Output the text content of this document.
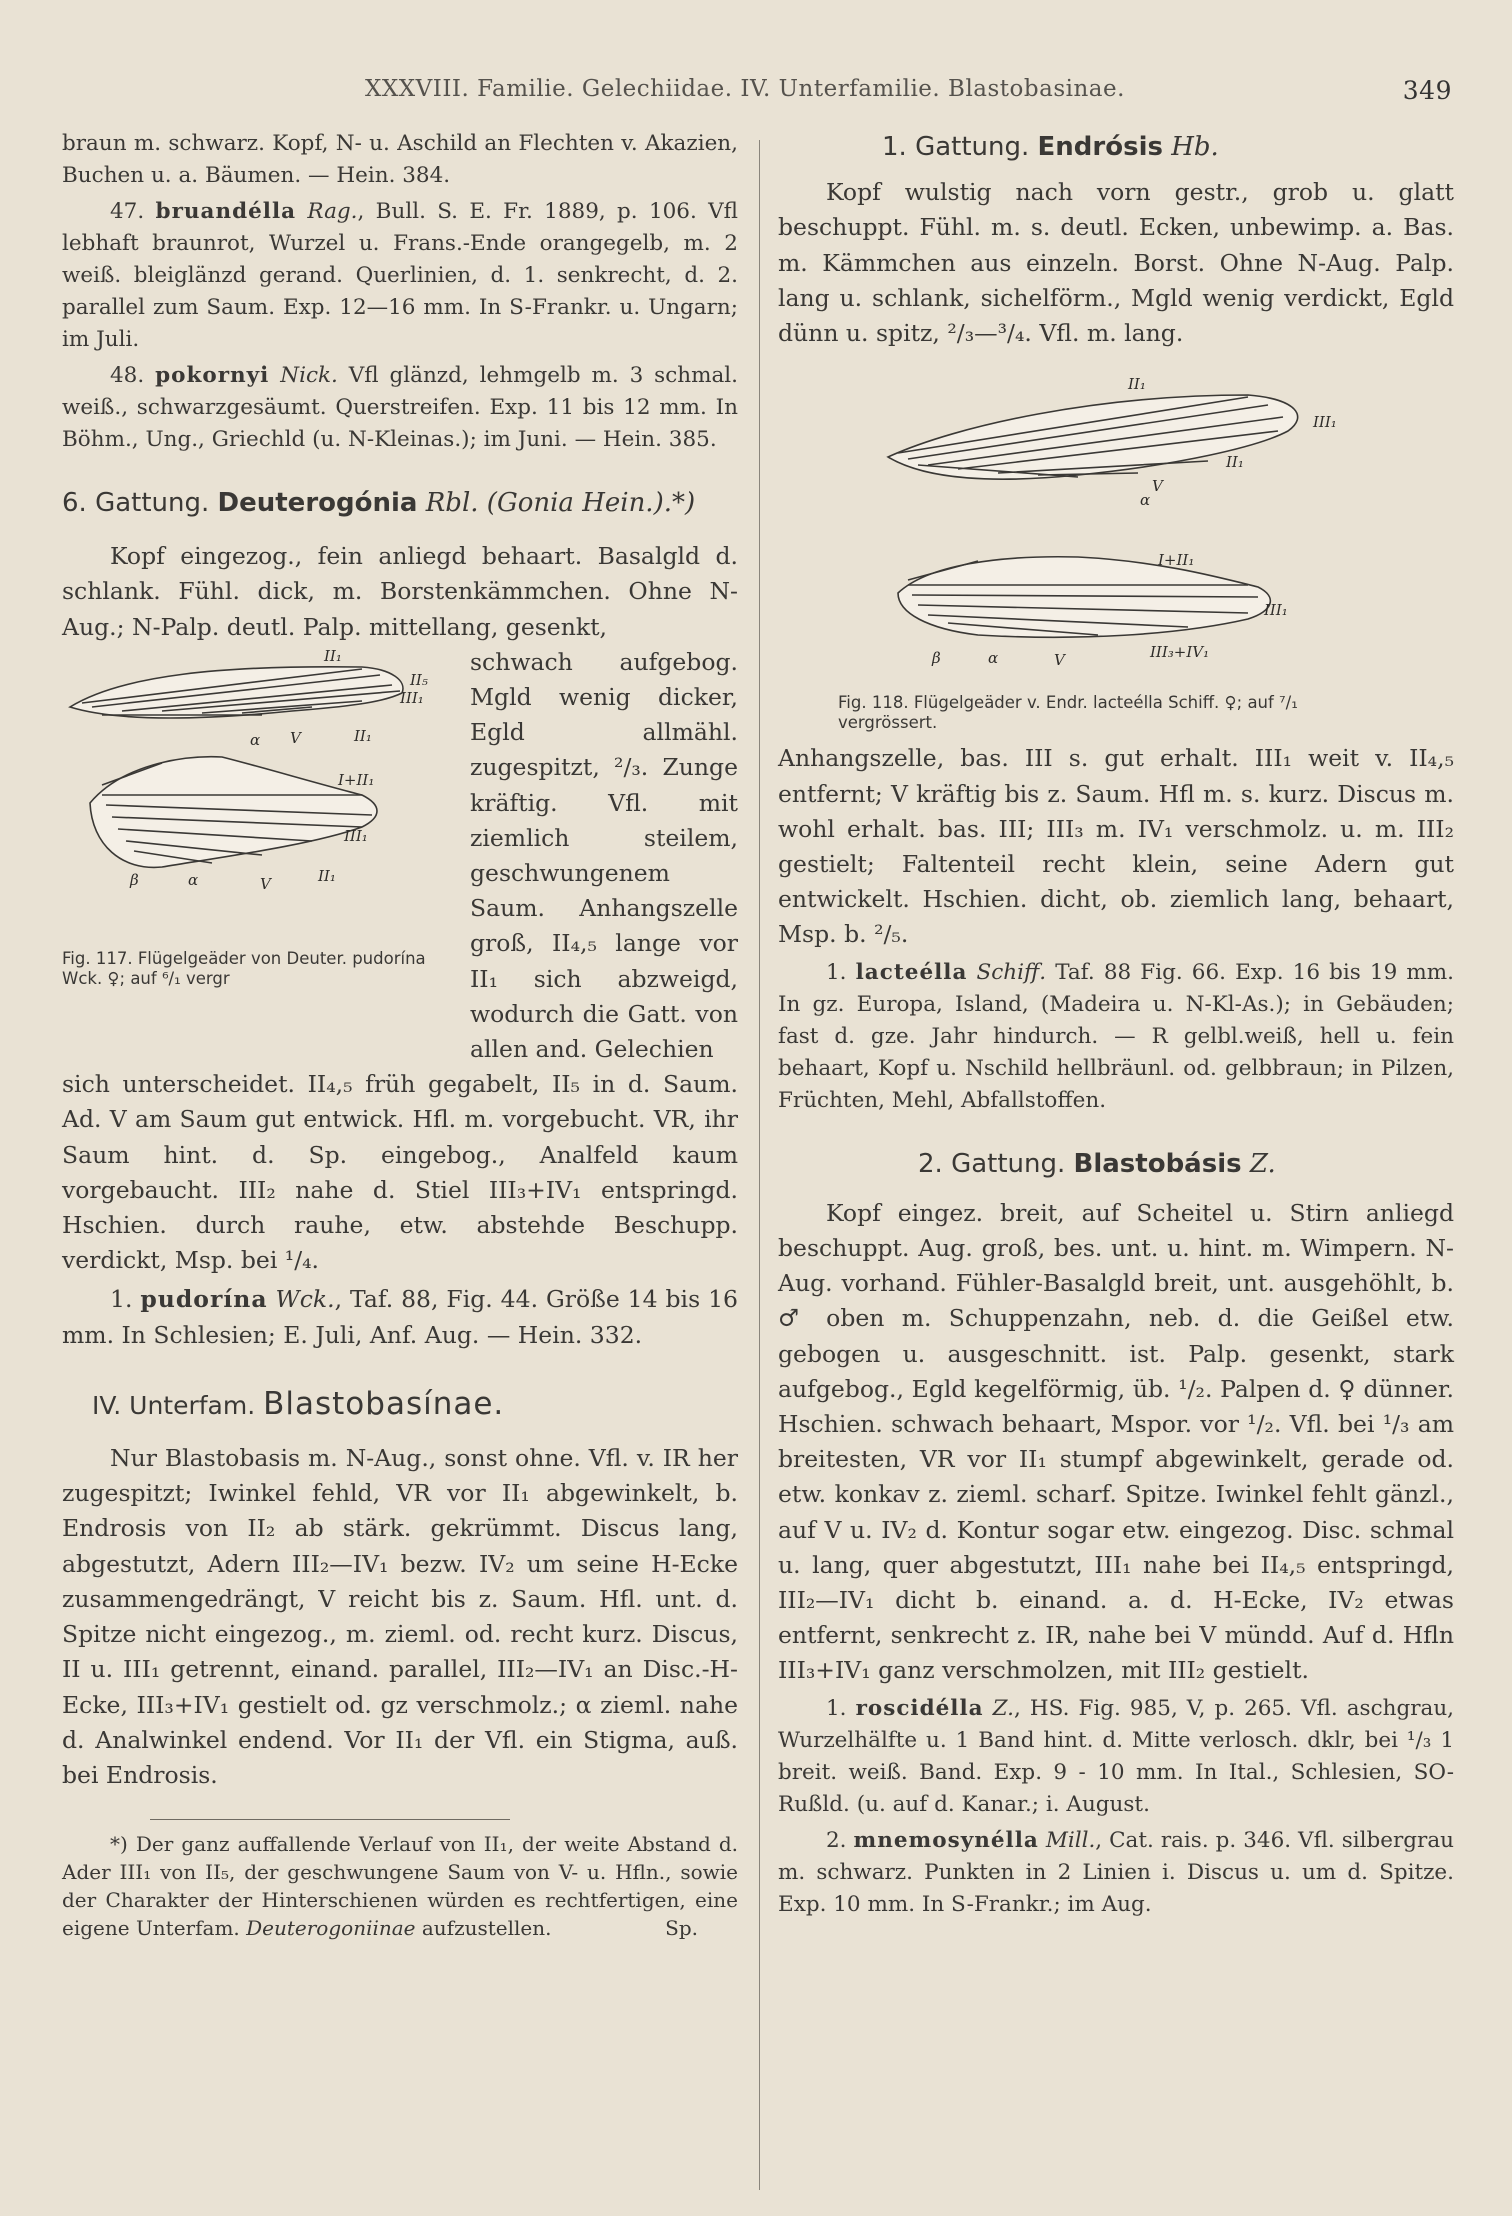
XXXVIII. Familie. Gelechiidae. IV. Unterfamilie. Blastobasinae.	349

braun m. schwarz. Kopf, N- u. Aschild an Flechten v. Akazien, Buchen u. a. Bäumen. — Hein. 384.

47. bruandélla Rag., Bull. S. E. Fr. 1889, p. 106. Vfl lebhaft braunrot, Wurzel u. Frans.-Ende orangegelb, m. 2 weiß. bleiglänzd gerand. Querlinien, d. 1. senkrecht, d. 2. parallel zum Saum. Exp. 12—16 mm. In S-Frankr. u. Ungarn; im Juli.

48. pokornyi Nick. Vfl glänzd, lehmgelb m. 3 schmal. weiß., schwarzgesäumt. Querstreifen. Exp. 11 bis 12 mm. In Böhm., Ung., Griechld (u. N-Kleinas.); im Juni. — Hein. 385.

6. Gattung. Deuterogónia Rbl. (Gonia Hein.).*)

Kopf eingezog., fein anliegd behaart. Basalgld d. schlank. Fühl. dick, m. Borstenkämmchen. Ohne N-Aug.; N-Palp. deutl. Palp. mittellang, gesenkt,

II₁
II₅
III₁
α V	II₁
I+II₁
III₁
β	α	V	II₁
Fig. 117. Flügelgeäder von Deuter. pudorína Wck. ♀; auf ⁶/₁ vergr

schwach aufgebog. Mgld wenig dicker, Egld allmähl. zugespitzt, ²/₃. Zunge kräftig. Vfl. mit ziemlich steilem, geschwungenem Saum. Anhangszelle groß, II₄,₅ lange vor II₁ sich abzweigd, wodurch die Gatt. von allen and. Gelechien

sich unterscheidet. II₄,₅ früh gegabelt, II₅ in d. Saum. Ad. V am Saum gut entwick. Hfl. m. vorgebucht. VR, ihr Saum hint. d. Sp. eingebog., Analfeld kaum vorgebaucht. III₂ nahe d. Stiel III₃+IV₁ entspringd. Hschien. durch rauhe, etw. abstehde Beschupp. verdickt, Msp. bei ¹/₄.

1. pudorína Wck., Taf. 88, Fig. 44. Größe 14 bis 16 mm. In Schlesien; E. Juli, Anf. Aug. — Hein. 332.

IV. Unterfam. Blastobasínae.

Nur Blastobasis m. N-Aug., sonst ohne. Vfl. v. IR her zugespitzt; Iwinkel fehld, VR vor II₁ abgewinkelt, b. Endrosis von II₂ ab stärk. gekrümmt. Discus lang, abgestutzt, Adern III₂—IV₁ bezw. IV₂ um seine H-Ecke zusammengedrängt, V reicht bis z. Saum. Hfl. unt. d. Spitze nicht eingezog., m. zieml. od. recht kurz. Discus, II u. III₁ getrennt, einand. parallel, III₂—IV₁ an Disc.-H-Ecke, III₃+IV₁ gestielt od. gz verschmolz.; α zieml. nahe d. Analwinkel endend. Vor II₁ der Vfl. ein Stigma, auß. bei Endrosis.

*) Der ganz auffallende Verlauf von II₁, der weite Abstand d. Ader III₁ von II₅, der geschwungene Saum von V- u. Hfln., sowie der Charakter der Hinterschienen würden es rechtfertigen, eine eigene Unterfam. Deuterogoniinae aufzustellen.	Sp.

1. Gattung. Endrósis Hb.

Kopf wulstig nach vorn gestr., grob u. glatt beschuppt. Fühl. m. s. deutl. Ecken, unbewimp. a. Bas. m. Kämmchen aus einzeln. Borst. Ohne N-Aug. Palp. lang u. schlank, sichelförm., Mgld wenig verdickt, Egld dünn u. spitz, ²/₃—³/₄. Vfl. m. lang.

II₁
III₁
II₁
α
V
I+II₁
III₁
β	α	V	III₃+IV₁
Fig. 118. Flügelgeäder v. Endr. lacteélla Schiff. ♀; auf ⁷/₁ vergrössert.

Anhangszelle, bas. III s. gut erhalt. III₁ weit v. II₄,₅ entfernt; V kräftig bis z. Saum. Hfl m. s. kurz. Discus m. wohl erhalt. bas. III; III₃ m. IV₁ verschmolz. u. m. III₂ gestielt; Faltenteil recht klein, seine Adern gut entwickelt. Hschien. dicht, ob. ziemlich lang, behaart, Msp. b. ²/₅.

1. lacteélla Schiff. Taf. 88 Fig. 66. Exp. 16 bis 19 mm. In gz. Europa, Island, (Madeira u. N-Kl-As.); in Gebäuden; fast d. gze. Jahr hindurch. — R gelbl.weiß, hell u. fein behaart, Kopf u. Nschild hellbräunl. od. gelbbraun; in Pilzen, Früchten, Mehl, Abfallstoffen.

2. Gattung. Blastobásis Z.

Kopf eingez. breit, auf Scheitel u. Stirn anliegd beschuppt. Aug. groß, bes. unt. u. hint. m. Wimpern. N-Aug. vorhand. Fühler-Basalgld breit, unt. ausgehöhlt, b. ♂ oben m. Schuppenzahn, neb. d. die Geißel etw. gebogen u. ausgeschnitt. ist. Palp. gesenkt, stark aufgebog., Egld kegelförmig, üb. ¹/₂. Palpen d. ♀ dünner. Hschien. schwach behaart, Mspor. vor ¹/₂. Vfl. bei ¹/₃ am breitesten, VR vor II₁ stumpf abgewinkelt, gerade od. etw. konkav z. zieml. scharf. Spitze. Iwinkel fehlt gänzl., auf V u. IV₂ d. Kontur sogar etw. eingezog. Disc. schmal u. lang, quer abgestutzt, III₁ nahe bei II₄,₅ entspringd, III₂—IV₁ dicht b. einand. a. d. H-Ecke, IV₂ etwas entfernt, senkrecht z. IR, nahe bei V mündd. Auf d. Hfln III₃+IV₁ ganz verschmolzen, mit III₂ gestielt.

1. roscidélla Z., HS. Fig. 985, V, p. 265. Vfl. aschgrau, Wurzelhälfte u. 1 Band hint. d. Mitte verlosch. dklr, bei ¹/₃ 1 breit. weiß. Band. Exp. 9 - 10 mm. In Ital., Schlesien, SO-Rußld. (u. auf d. Kanar.; i. August.

2. mnemosynélla Mill., Cat. rais. p. 346. Vfl. silbergrau m. schwarz. Punkten in 2 Linien i. Discus u. um d. Spitze. Exp. 10 mm. In S-Frankr.; im Aug.
